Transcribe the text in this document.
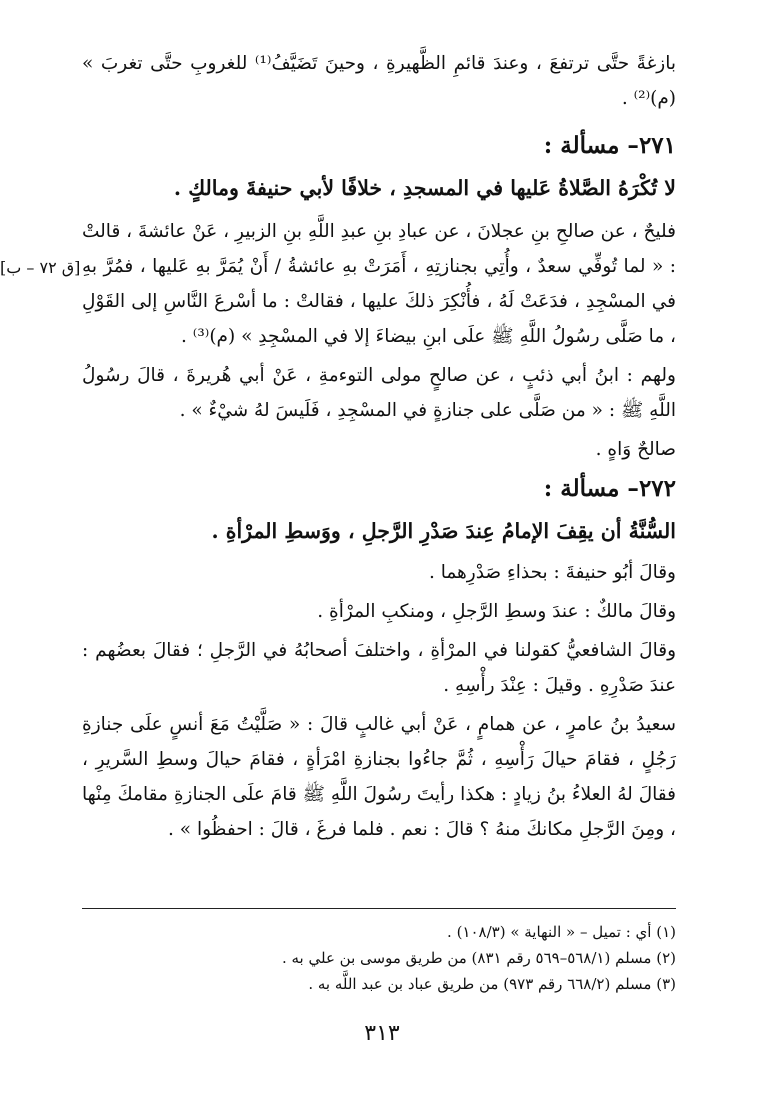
بازغةً حتَّى ترتفعَ ، وعندَ قائمِ الظَّهيرةِ ، وحينَ تَضَيَّفُ⁽¹⁾ للغروبِ حتَّى تغربَ » (م)⁽²⁾ .

٢٧١– مسألة :

لا تُكْرَهُ الصَّلاةُ عَليها في المسجدِ ، خلافًا لأبي حنيفةَ ومالكٍ .

فليحٌ ، عن صالحِ بنِ عجلانَ ، عن عبادِ بنِ عبدِ اللَّهِ بنِ الزبيرِ ، عَنْ عائشةَ ، قالتْ : « لما تُوفِّي سعدٌ ، وأُتِي بجنازتِهِ ، أَمَرَتْ بهِ عائشةُ / أَنْ يُمَرَّ بهِ عَليها ، فمُرَّ بهِ في المسْجِدِ ، فدَعَتْ لَهُ ، فأُنْكِرَ ذلكَ عليها ، فقالتْ : ما أسْرعَ النَّاسِ إلى القَوْلِ ، ما صَلَّى رسُولُ اللَّهِ ﷺ علَى ابنِ بيضاءَ إلا في المسْجِدِ » (م)⁽³⁾ .

ولهم : ابنُ أبي ذئبٍ ، عن صالحٍ مولى التوءمةِ ، عَنْ أبي هُريرةَ ، قالَ رسُولُ اللَّهِ ﷺ : « من صَلَّى على جنازةٍ في المسْجِدِ ، فَلَيسَ لهُ شيْءٌ » .

صالحٌ وَاهٍ .

٢٧٢– مسألة :

السُّنَّةُ أن يقِفَ الإمامُ عِندَ صَدْرِ الرَّجلِ ، ووَسطِ المرْأةِ .

وقالَ أبُو حنيفةَ : بحذاءِ صَدْرِهما .

وقالَ مالكٌ : عندَ وسطِ الرَّجلِ ، ومنكبِ المرْأةِ .

وقالَ الشافعيُّ كقولنا في المرْأةِ ، واختلفَ أصحابُهُ في الرَّجلِ ؛ فقالَ بعضُهم : عندَ صَدْرِهِ . وقيلَ : عِنْدَ رأْسِهِ .

سعيدُ بنُ عامرٍ ، عن همامٍ ، عَنْ أبي غالبٍ قالَ : « صَلَّيْتُ مَعَ أنسٍ علَى جنازةِ رَجُلٍ ، فقامَ حيالَ رَأْسِهِ ، ثُمَّ جاءُوا بجنازةِ امْرَأةٍ ، فقامَ حيالَ وسطِ السَّريرِ ، فقالَ لهُ العلاءُ بنُ زيادٍ : هكذا رأيتَ رسُولَ اللَّهِ ﷺ قامَ علَى الجنازةِ مقامكَ مِنْها ، ومِنَ الرَّجلِ مكانكَ منهُ ؟ قالَ : نعم . فلما فرغَ ، قالَ : احفظُوا » .

[ق ٧٢ – ب]
(١) أي : تميل – « النهاية » (١٠٨/٣) .
(٢) مسلم (٥٦٨/١–٥٦٩ رقم ٨٣١) من طريق موسى بن علي به .
(٣) مسلم (٦٦٨/٢ رقم ٩٧٣) من طريق عباد بن عبد اللَّه به .
٣١٣
